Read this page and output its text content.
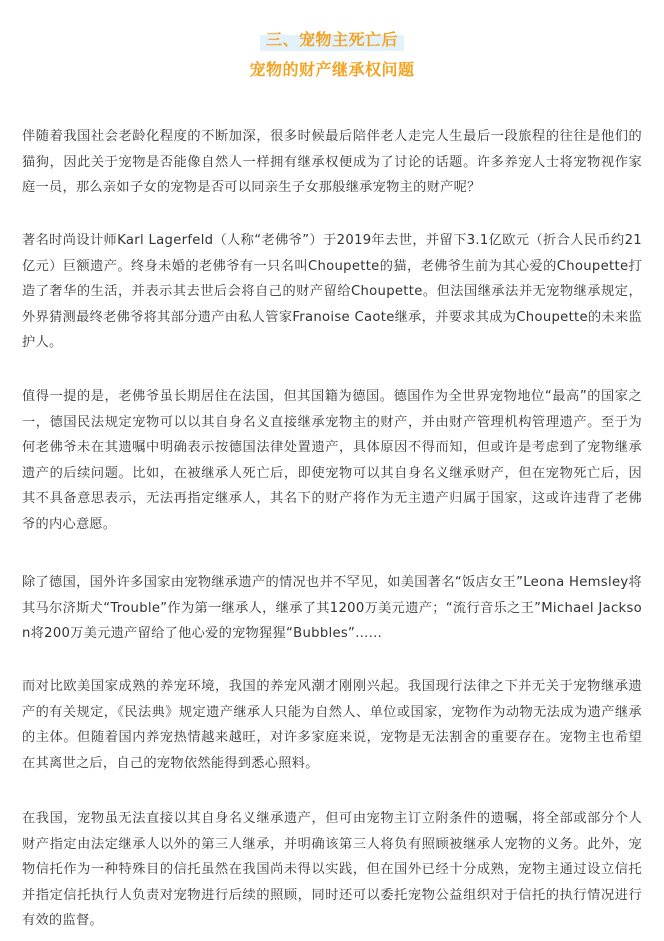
三、宠物主死亡后
宠物的财产继承权问题

伴随着我国社会老龄化程度的不断加深，很多时候最后陪伴老人走完人生最后一段旅程的往往是他们的猫狗，因此关于宠物是否能像自然人一样拥有继承权便成为了讨论的话题。许多养宠人士将宠物视作家庭一员，那么亲如子女的宠物是否可以同亲生子女那般继承宠物主的财产呢？

著名时尚设计师Karl Lagerfeld（人称“老佛爷”）于2019年去世，并留下3.1亿欧元（折合人民币约21亿元）巨额遗产。终身未婚的老佛爷有一只名叫Choupette的猫，老佛爷生前为其心爱的Choupette打造了奢华的生活，并表示其去世后会将自己的财产留给Choupette。但法国继承法并无宠物继承规定，外界猜测最终老佛爷将其部分遗产由私人管家Franoise Caote继承，并要求其成为Choupette的未来监护人。

值得一提的是，老佛爷虽长期居住在法国，但其国籍为德国。德国作为全世界宠物地位“最高”的国家之一，德国民法规定宠物可以以其自身名义直接继承宠物主的财产，并由财产管理机构管理遗产。至于为何老佛爷未在其遗嘱中明确表示按德国法律处置遗产，具体原因不得而知，但或许是考虑到了宠物继承遗产的后续问题。比如，在被继承人死亡后，即使宠物可以其自身名义继承财产，但在宠物死亡后，因其不具备意思表示，无法再指定继承人，其名下的财产将作为无主遗产归属于国家，这或许违背了老佛爷的内心意愿。

除了德国，国外许多国家由宠物继承遗产的情况也并不罕见，如美国著名“饭店女王”Leona Hemsley将其马尔济斯犬“Trouble”作为第一继承人，继承了其1200万美元遗产；“流行音乐之王”Michael Jackson将200万美元遗产留给了他心爱的宠物猩猩“Bubbles”……

而对比欧美国家成熟的养宠环境，我国的养宠风潮才刚刚兴起。我国现行法律之下并无关于宠物继承遗产的有关规定，《民法典》规定遗产继承人只能为自然人、单位或国家，宠物作为动物无法成为遗产继承的主体。但随着国内养宠热情越来越旺，对许多家庭来说，宠物是无法割舍的重要存在。宠物主也希望在其离世之后，自己的宠物依然能得到悉心照料。

在我国，宠物虽无法直接以其自身名义继承遗产，但可由宠物主订立附条件的遗嘱，将全部或部分个人财产指定由法定继承人以外的第三人继承，并明确该第三人将负有照顾被继承人宠物的义务。此外，宠物信托作为一种特殊目的信托虽然在我国尚未得以实践，但在国外已经十分成熟，宠物主通过设立信托并指定信托执行人负责对宠物进行后续的照顾，同时还可以委托宠物公益组织对于信托的执行情况进行有效的监督。
